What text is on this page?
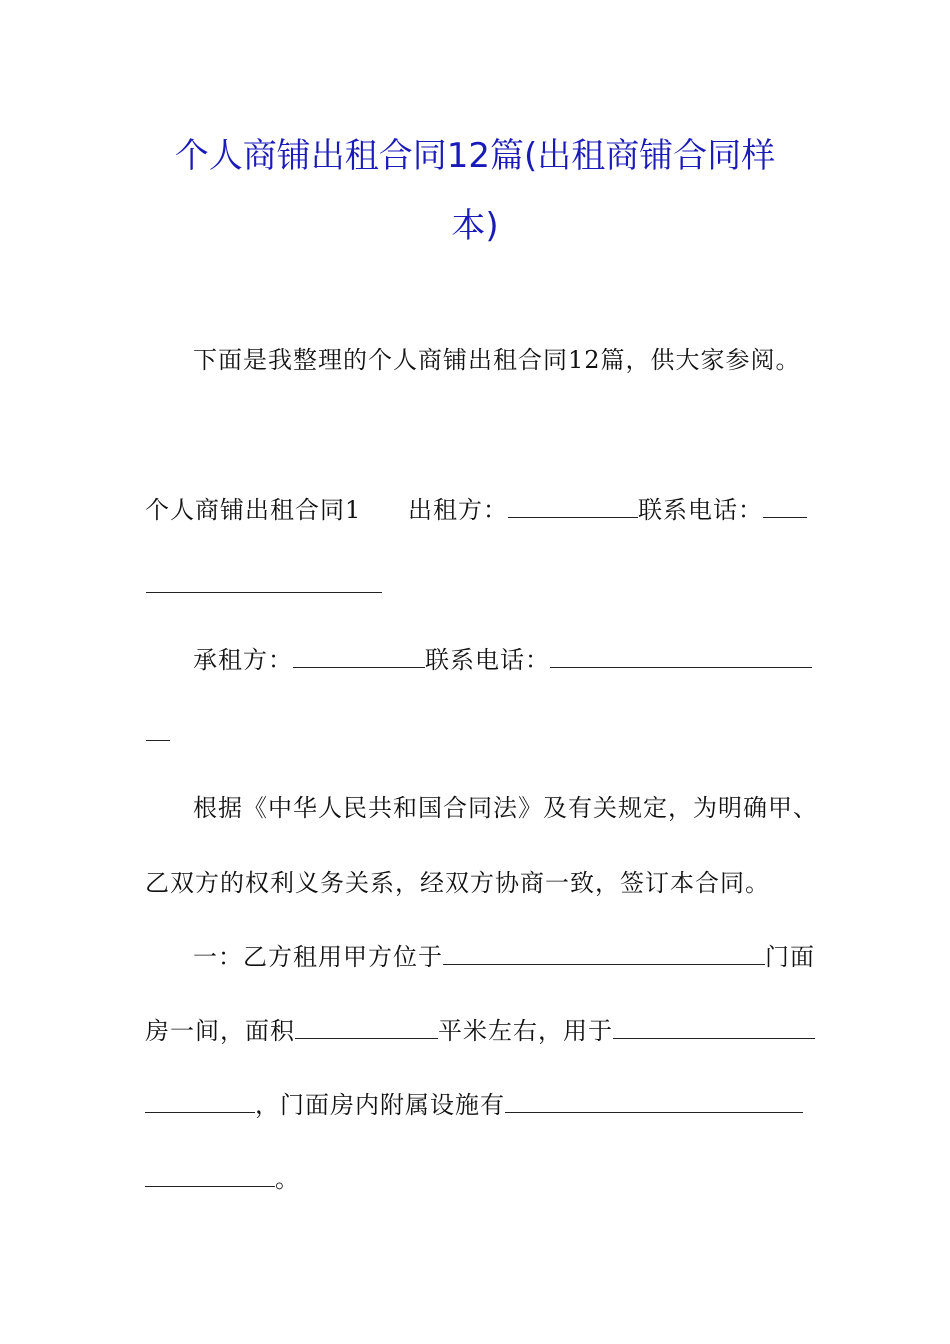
个人商铺出租合同12篇(出租商铺合同样
本)
下面是我整理的个人商铺出租合同12篇，供大家参阅。
个人商铺出租合同1 出租方：	联系电话：
承租方：	联系电话：
根据《中华人民共和国合同法》及有关规定，为明确甲、
乙双方的权利义务关系，经双方协商一致，签订本合同。
一：乙方租用甲方位于	门面
房一间，面积	平米左右，用于
，门面房内附属设施有
。
